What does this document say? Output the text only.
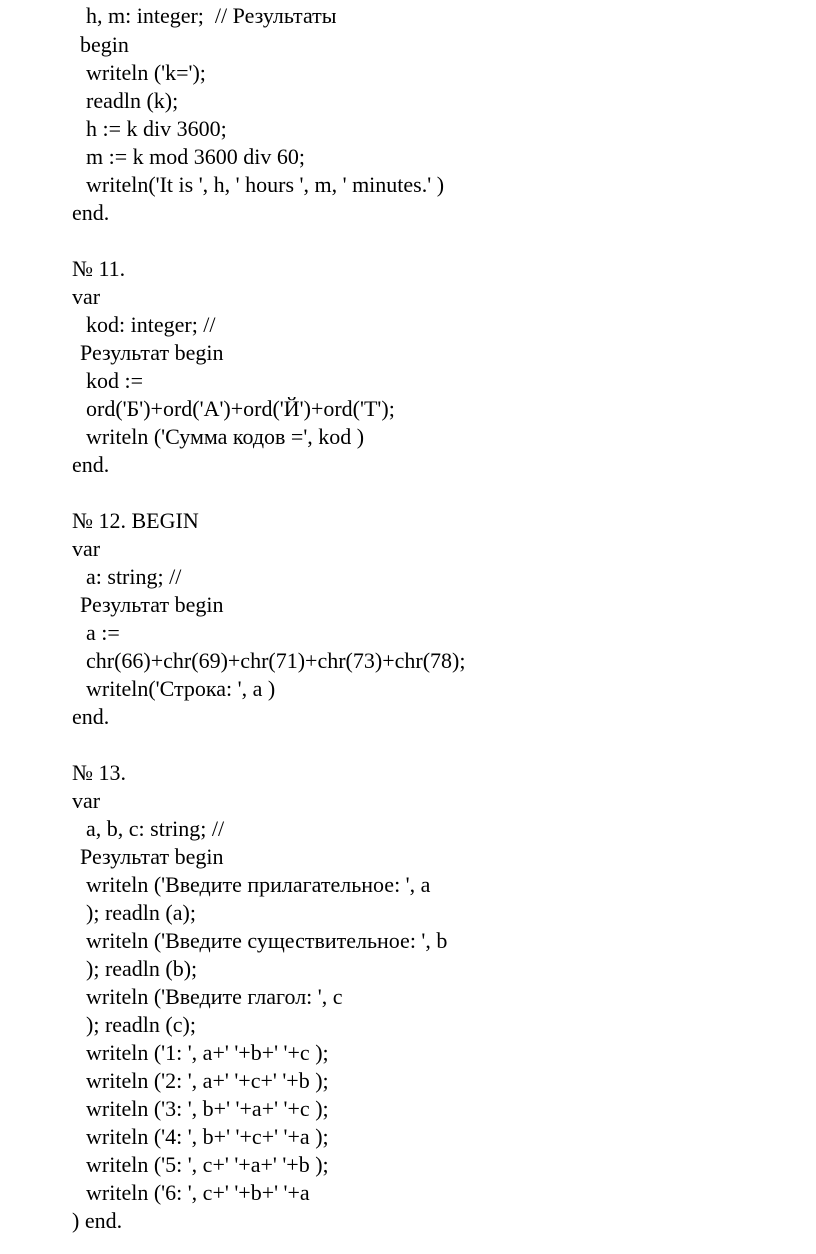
h, m: integer;  // Результаты
begin
writeln ('k=');
readln (k);
h := k div 3600;
m := k mod 3600 div 60;
writeln('It is ', h, ' hours ', m, ' minutes.' )
end.
№ 11.
var
kod: integer; //
Результат begin
kod :=
ord('Б')+ord('А')+ord('Й')+ord('Т');
writeln ('Сумма кодов =', kod )
end.
№ 12. BEGIN
var
a: string; //
Результат begin
a :=
chr(66)+chr(69)+chr(71)+chr(73)+chr(78);
writeln('Строка: ', a )
end.
№ 13.
var
a, b, c: string; //
Результат begin
writeln ('Введите прилагательное: ', a
); readln (a);
writeln ('Введите существительное: ', b
); readln (b);
writeln ('Введите глагол: ', c
); readln (c);
writeln ('1: ', a+' '+b+' '+c );
writeln ('2: ', a+' '+c+' '+b );
writeln ('3: ', b+' '+a+' '+c );
writeln ('4: ', b+' '+c+' '+a );
writeln ('5: ', c+' '+a+' '+b );
writeln ('6: ', c+' '+b+' '+a
) end.
